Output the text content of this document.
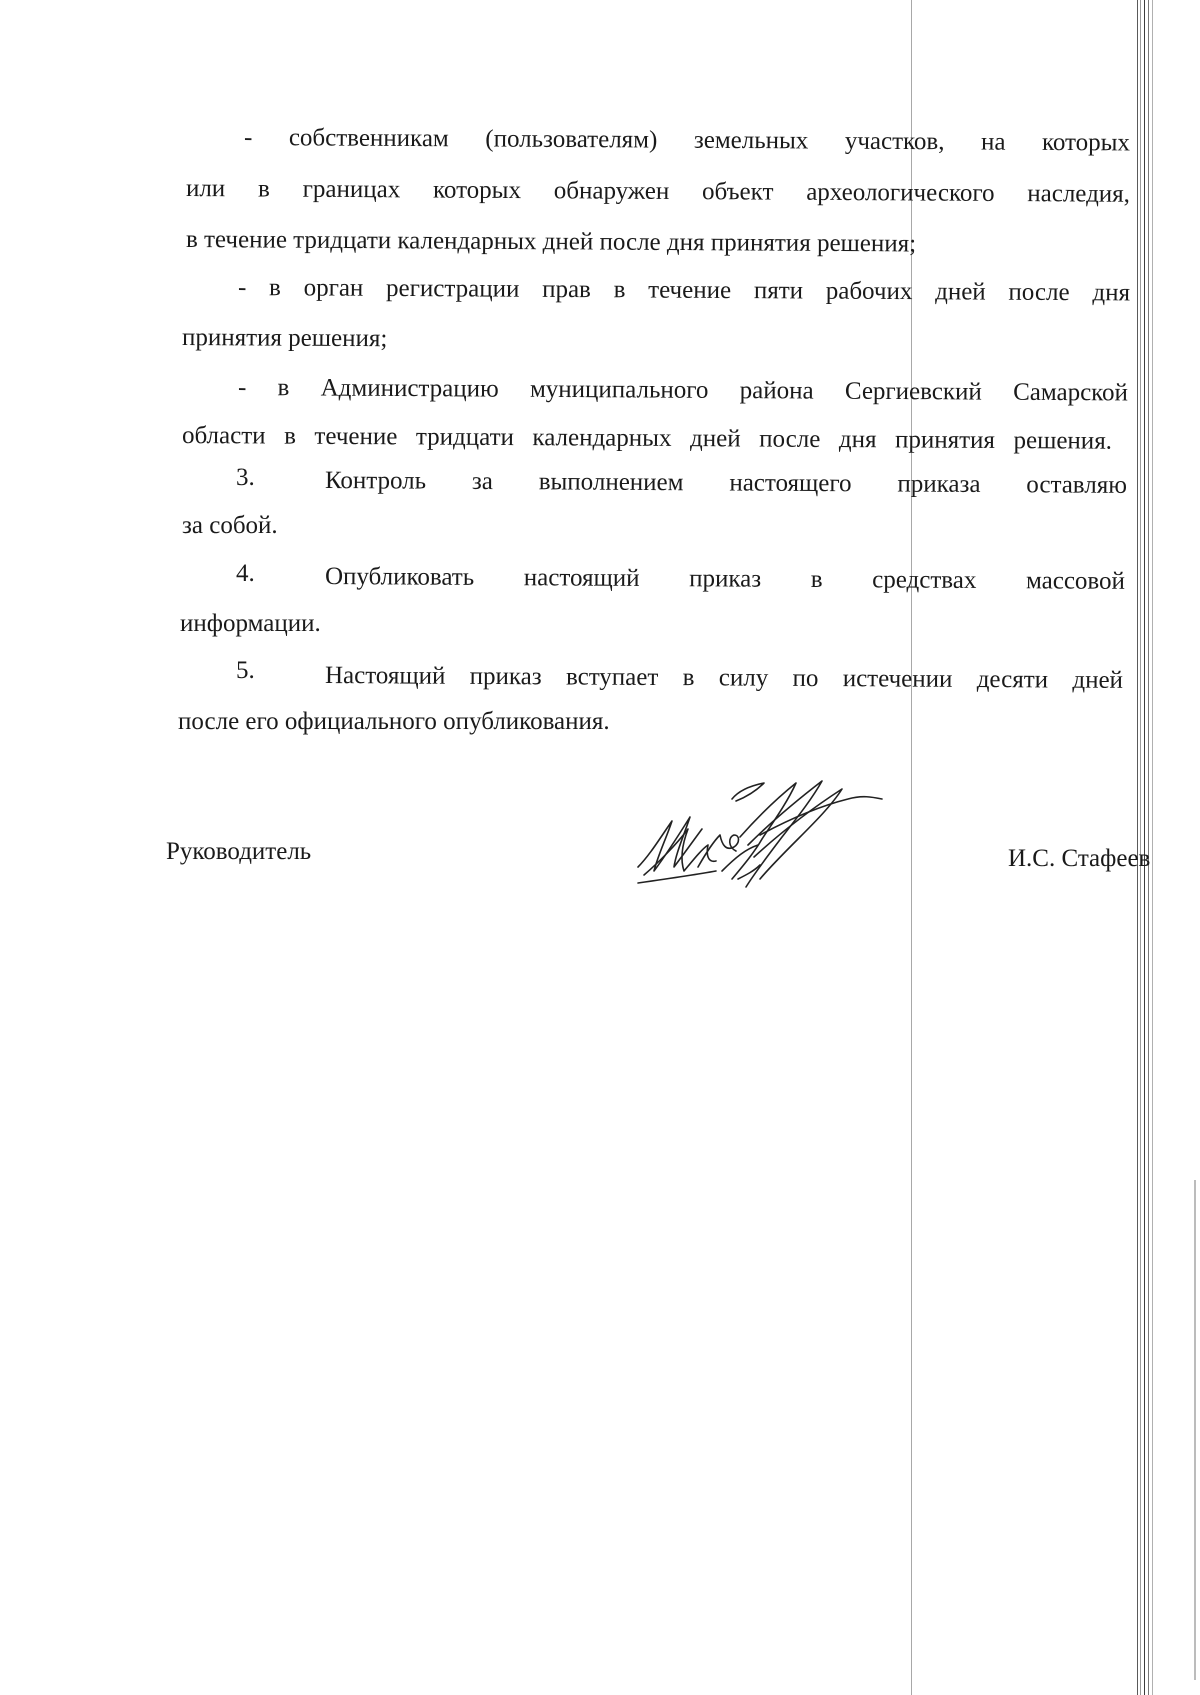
- собственникам (пользователям) земельных участков, на которых
или в границах которых обнаружен объект археологического наследия,
в течение тридцати календарных дней после дня принятия решения;
- в орган регистрации прав в течение пяти рабочих дней после дня
принятия решения;
- в Администрацию муниципального района Сергиевский Самарской
области в течение тридцати календарных дней после дня принятия решения.
3.	Контроль за выполнением настоящего приказа оставляю
за собой.
4.	Опубликовать настоящий приказ в средствах массовой
информации.
5.	Настоящий приказ вступает в силу по истечении десяти дней
после его официального опубликования.
Руководитель	И.С. Стафеев
